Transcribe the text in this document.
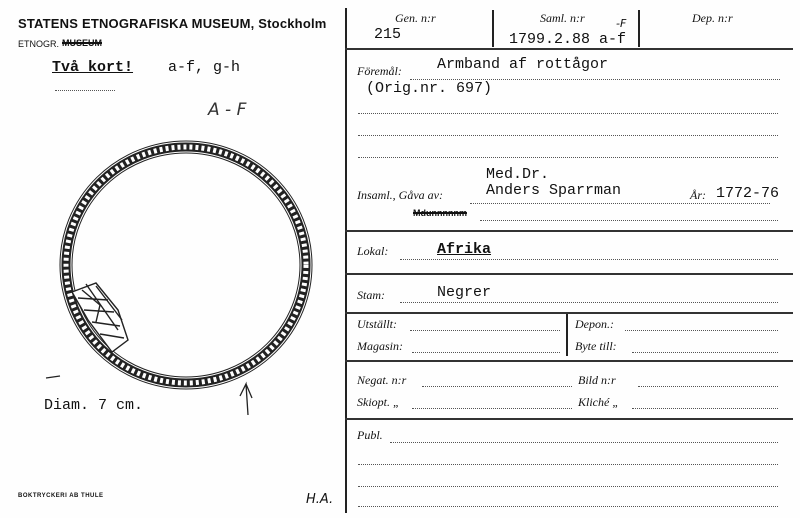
STATENS ETNOGRAFISKA MUSEUM, Stockholm
ETNOGR. MUSEUM
Två kort! a-f, g-h
A - F
Diam. 7 cm.
BOKTRYCKERI AB THULE	H.A.
Gen. n:r
215
Saml. n:r	-F
1799.2.88 a-f
Dep. n:r
Föremål: Armband af rottågor
(Orig.nr. 697)
Med.Dr.
Insaml., Gåva av:	Anders Sparrman	År: 1772-76
Mdunnnnnm
Lokal:	Afrika
Stam:	Negrer
Utställt:	Depon.:
Magasin:	Byte till:
Negat. n:r	Bild n:r
Skiopt. „	Kliché „
Publ.
